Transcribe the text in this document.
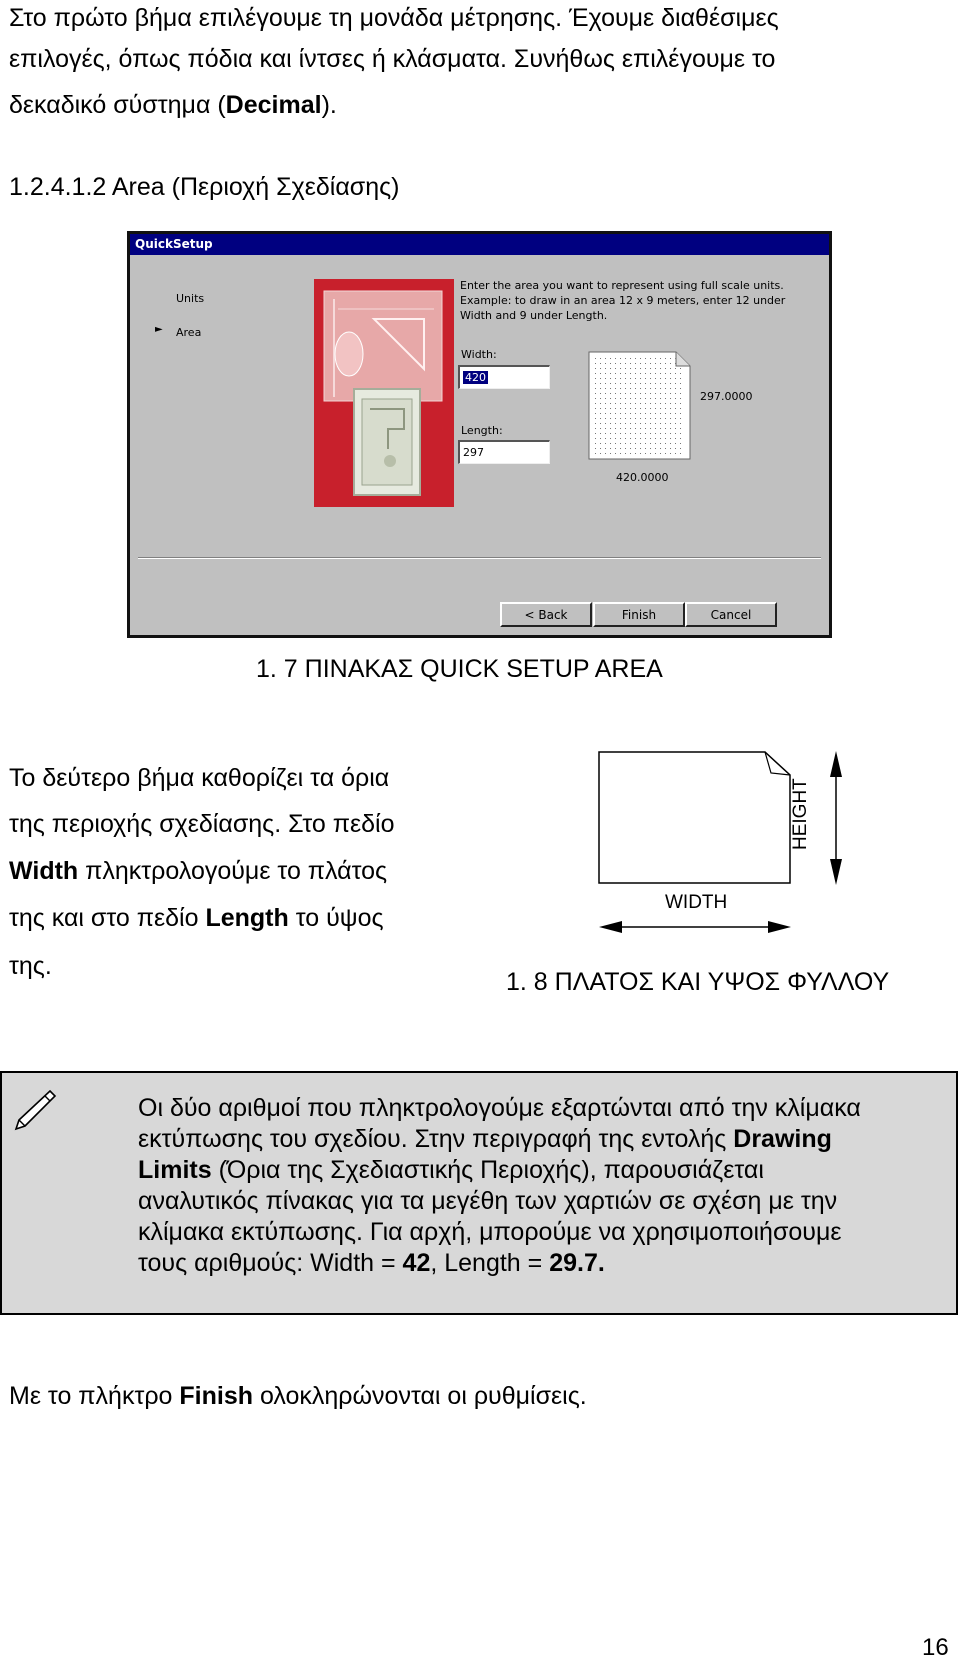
Στο πρώτο βήμα επιλέγουμε τη μονάδα μέτρησης. Έχουμε διαθέσιμες
επιλογές, όπως πόδια και ίντσες ή κλάσματα. Συνήθως επιλέγουμε το
δεκαδικό σύστημα (Decimal).
1.2.4.1.2 Area (Περιοχή Σχεδίασης)
QuickSetup
Units
► Area
Enter the area you want to represent using full scale units.
Example: to draw in an area 12 x 9 meters, enter 12 under
Width and 9 under Length.
Width:
420
Length:
297
297.0000
420.0000
< Back	Finish	Cancel
1. 7 ΠΙΝΑΚΑΣ QUICK SETUP AREA
Το δεύτερο βήμα καθορίζει τα όρια
της περιοχής σχεδίασης. Στο πεδίο
Width πληκτρολογούμε το πλάτος
της και στο πεδίο Length το ύψος
της.
WIDTH
HEIGHT
1. 8 ΠΛΑΤΟΣ ΚΑΙ ΥΨΟΣ ΦΥΛΛΟΥ
Οι δύο αριθμοί που πληκτρολογούμε εξαρτώνται από την κλίμακα
εκτύπωσης του σχεδίου. Στην περιγραφή της εντολής Drawing
Limits (Όρια της Σχεδιαστικής Περιοχής), παρουσιάζεται
αναλυτικός πίνακας για τα μεγέθη των χαρτιών σε σχέση με την
κλίμακα εκτύπωσης. Για αρχή, μπορούμε να χρησιμοποιήσουμε
τους αριθμούς: Width = 42, Length = 29.7.
Με το πλήκτρο Finish ολοκληρώνονται οι ρυθμίσεις.
16
